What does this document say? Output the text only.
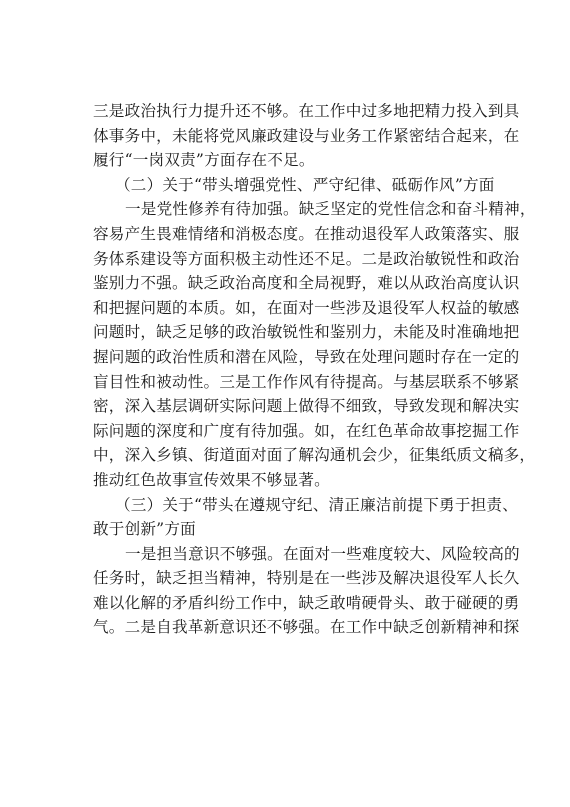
三是政治执行力提升还不够。在工作中过多地把精力投入到具
体事务中，未能将党风廉政建设与业务工作紧密结合起来，在
履行“一岗双责”方面存在不足。
（二）关于“带头增强党性、严守纪律、砥砺作风”方面
一是党性修养有待加强。缺乏坚定的党性信念和奋斗精神，
容易产生畏难情绪和消极态度。在推动退役军人政策落实、服
务体系建设等方面积极主动性还不足。二是政治敏锐性和政治
鉴别力不强。缺乏政治高度和全局视野，难以从政治高度认识
和把握问题的本质。如，在面对一些涉及退役军人权益的敏感
问题时，缺乏足够的政治敏锐性和鉴别力，未能及时准确地把
握问题的政治性质和潜在风险，导致在处理问题时存在一定的
盲目性和被动性。三是工作作风有待提高。与基层联系不够紧
密，深入基层调研实际问题上做得不细致，导致发现和解决实
际问题的深度和广度有待加强。如，在红色革命故事挖掘工作
中，深入乡镇、街道面对面了解沟通机会少，征集纸质文稿多，
推动红色故事宣传效果不够显著。
（三）关于“带头在遵规守纪、清正廉洁前提下勇于担责、
敢于创新”方面
一是担当意识不够强。在面对一些难度较大、风险较高的
任务时，缺乏担当精神，特别是在一些涉及解决退役军人长久
难以化解的矛盾纠纷工作中，缺乏敢啃硬骨头、敢于碰硬的勇
气。二是自我革新意识还不够强。在工作中缺乏创新精神和探
